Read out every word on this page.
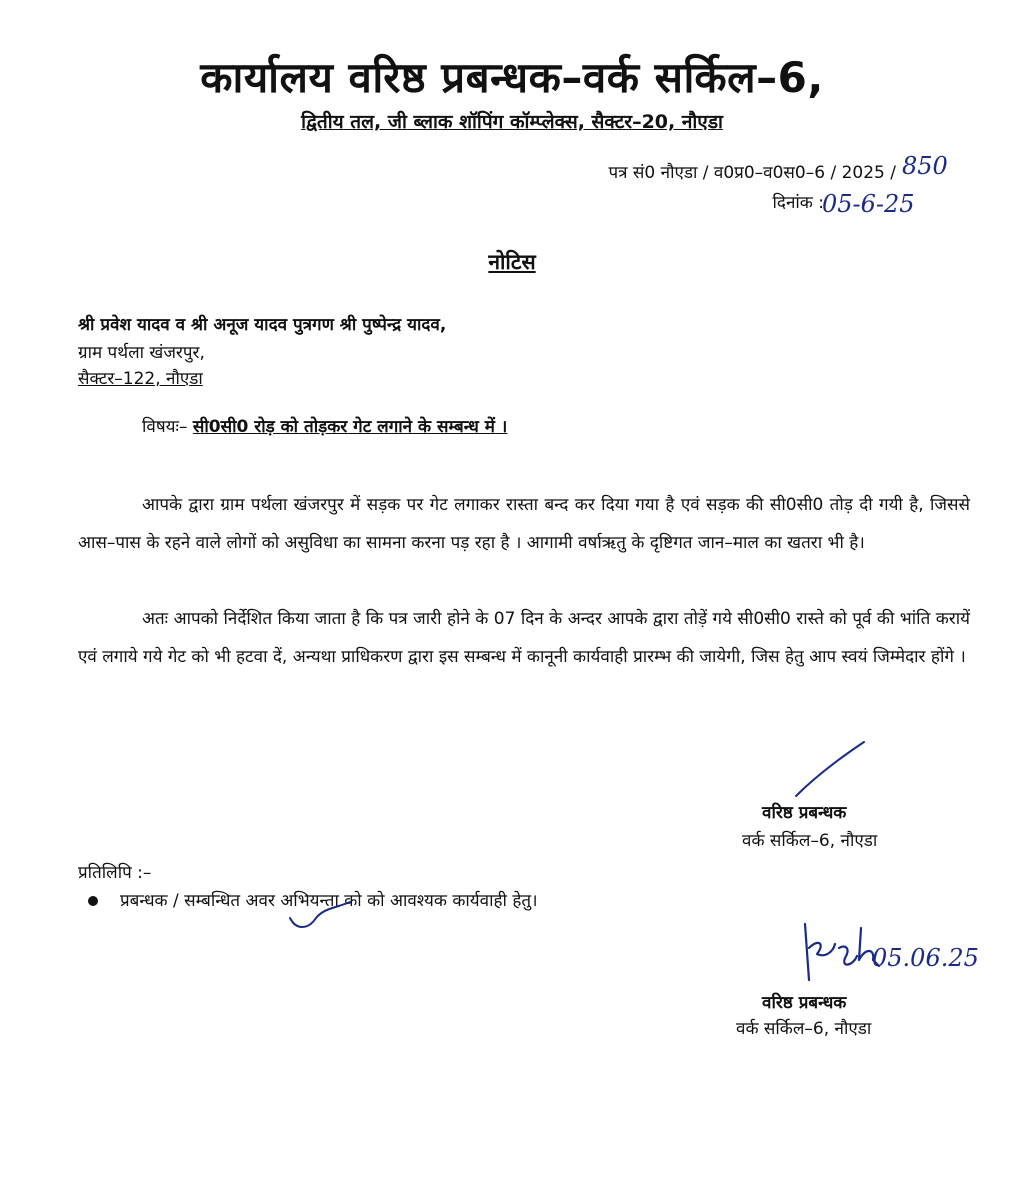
कार्यालय वरिष्ठ प्रबन्धक–वर्क सर्किल–6,
द्वितीय तल, जी ब्लाक शॉपिंग कॉम्प्लेक्स, सैक्टर–20, नौएडा
पत्र सं0 नौएडा / व0प्र0–व0स0–6 / 2025 / 850
दिनांक :
05-6-25
नोटिस
श्री प्रवेश यादव व श्री अनूज यादव पुत्रगण श्री पुष्पेन्द्र यादव,
ग्राम पर्थला खंजरपुर,
सैक्टर–122, नौएडा
विषयः– सी0सी0 रोड़ को तोड़कर गेट लगाने के सम्बन्ध में ।
आपके द्वारा ग्राम पर्थला खंजरपुर में सड़क पर गेट लगाकर रास्ता बन्द कर दिया गया है एवं सड़क की सी0सी0 तोड़ दी गयी है, जिससे आस–पास के रहने वाले लोगों को असुविधा का सामना करना पड़ रहा है । आगामी वर्षाऋतु के दृष्टिगत जान–माल का खतरा भी है।
अतः आपको निर्देशित किया जाता है कि पत्र जारी होने के 07 दिन के अन्दर आपके द्वारा तोड़ें गये सी0सी0 रास्ते को पूर्व की भांति करायें एवं लगाये गये गेट को भी हटवा दें, अन्यथा प्राधिकरण द्वारा इस सम्बन्ध में कानूनी कार्यवाही प्रारम्भ की जायेगी, जिस हेतु आप स्वयं जिम्मेदार होंगे ।
वरिष्ठ प्रबन्धक
वर्क सर्किल–6, नौएडा
प्रतिलिपि :–
प्रबन्धक / सम्बन्धित अवर अभियन्ता को को आवश्यक कार्यवाही हेतु।
05.06.25
वरिष्ठ प्रबन्धक
वर्क सर्किल–6, नौएडा
